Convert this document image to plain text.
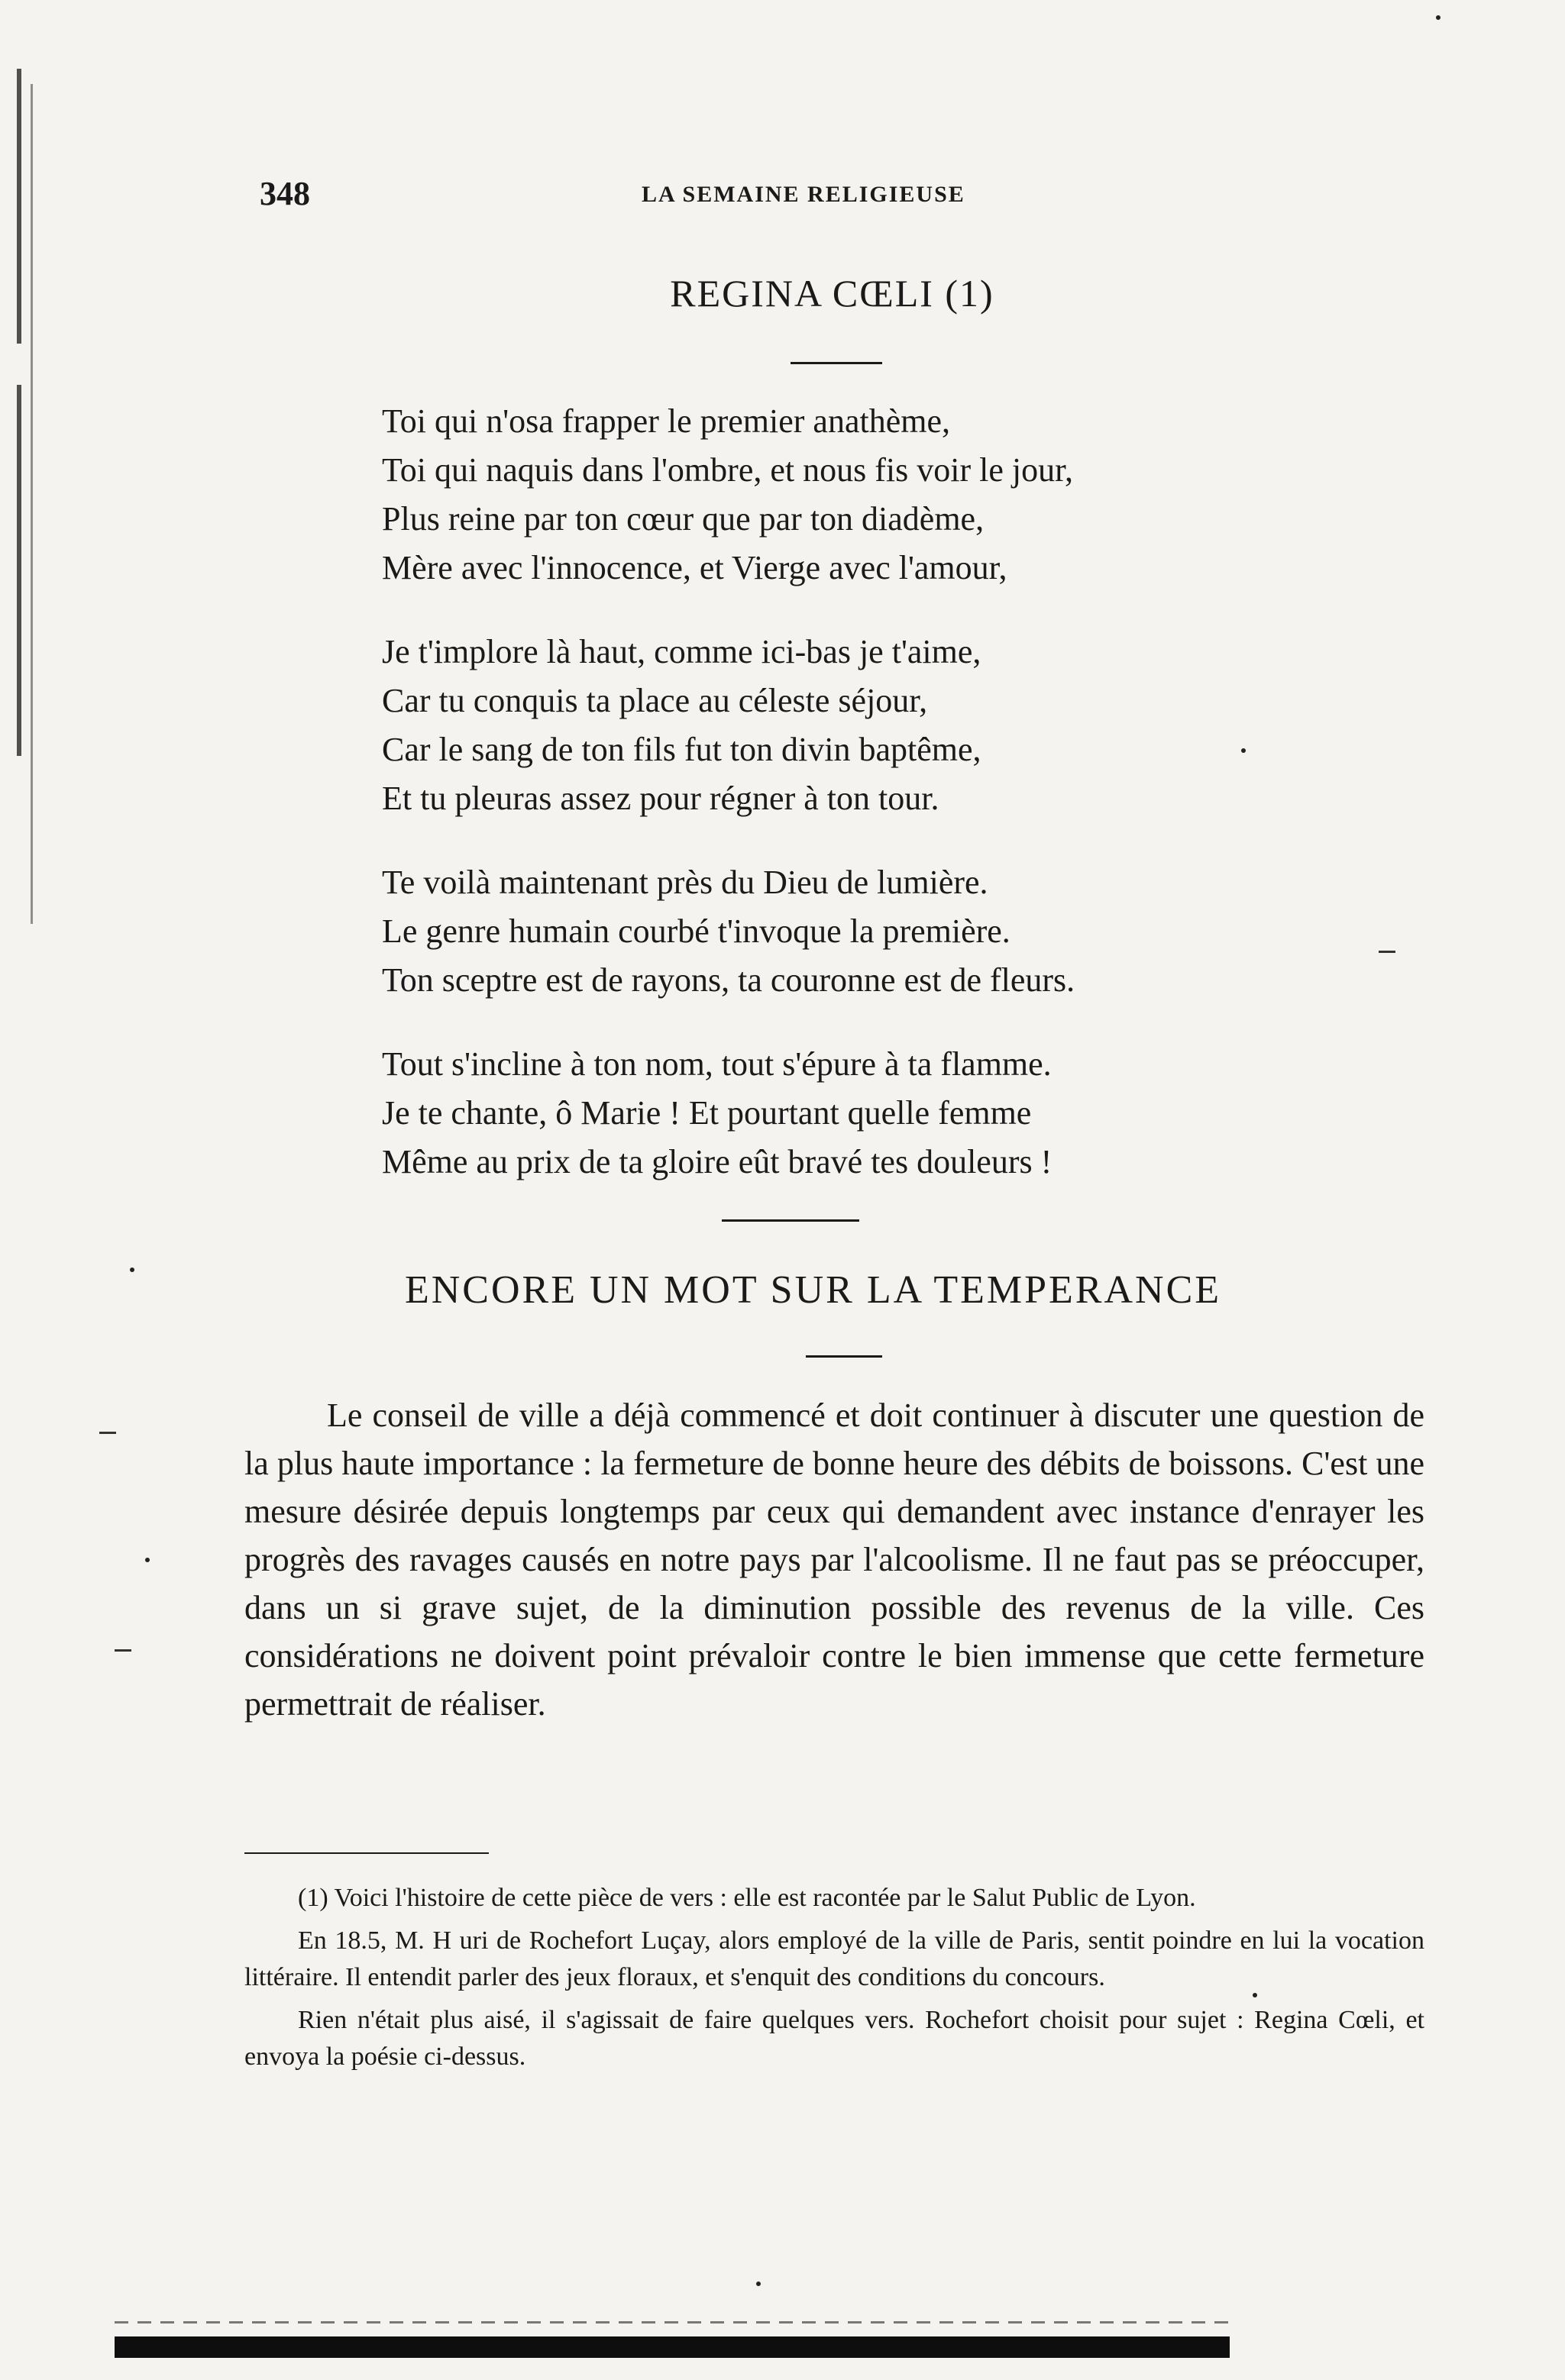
348	LA SEMAINE RELIGIEUSE
REGINA CŒLI (1)
Toi qui n'osa frapper le premier anathème,
Toi qui naquis dans l'ombre, et nous fis voir le jour,
Plus reine par ton cœur que par ton diadème,
Mère avec l'innocence, et Vierge avec l'amour,
Je t'implore là haut, comme ici-bas je t'aime,
Car tu conquis ta place au céleste séjour,
Car le sang de ton fils fut ton divin baptême,
Et tu pleuras assez pour régner à ton tour.
Te voilà maintenant près du Dieu de lumière.
Le genre humain courbé t'invoque la première.
Ton sceptre est de rayons, ta couronne est de fleurs.
Tout s'incline à ton nom, tout s'épure à ta flamme.
Je te chante, ô Marie ! Et pourtant quelle femme
Même au prix de ta gloire eût bravé tes douleurs !
ENCORE UN MOT SUR LA TEMPERANCE

Le conseil de ville a déjà commencé et doit continuer à discuter une question de la plus haute importance : la fermeture de bonne heure des débits de boissons. C'est une mesure désirée depuis longtemps par ceux qui demandent avec instance d'enrayer les progrès des ravages causés en notre pays par l'alcoolisme. Il ne faut pas se préoccuper, dans un si grave sujet, de la diminution possible des revenus de la ville. Ces considérations ne doivent point prévaloir contre le bien immense que cette fermeture permettrait de réaliser.

(1) Voici l'histoire de cette pièce de vers : elle est racontée par le Salut Public de Lyon.

En 18.5, M. H uri de Rochefort Luçay, alors employé de la ville de Paris, sentit poindre en lui la vocation littéraire. Il entendit parler des jeux floraux, et s'enquit des conditions du concours.

Rien n'était plus aisé, il s'agissait de faire quelques vers. Rochefort choisit pour sujet : Regina Cœli, et envoya la poésie ci-dessus.
